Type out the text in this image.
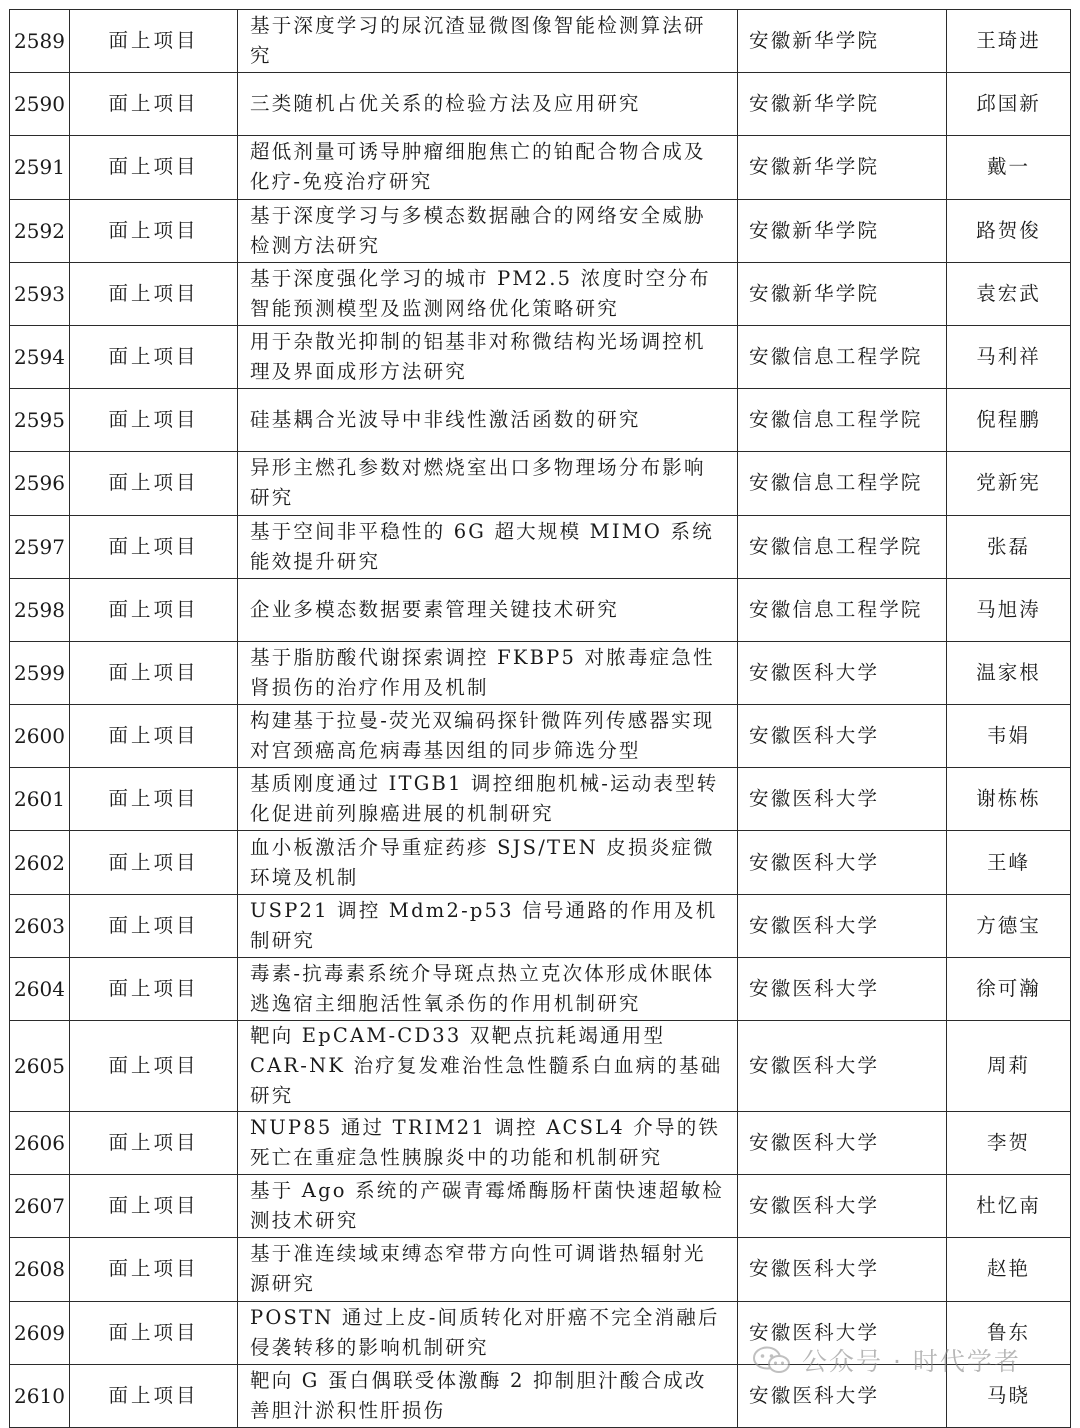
2589	面上项目	基于深度学习的尿沉渣显微图像智能检测算法研究	安徽新华学院	王琦进
2590	面上项目	三类随机占优关系的检验方法及应用研究	安徽新华学院	邱国新
2591	面上项目	超低剂量可诱导肿瘤细胞焦亡的铂配合物合成及化疗-免疫治疗研究	安徽新华学院	戴一
2592	面上项目	基于深度学习与多模态数据融合的网络安全威胁检测方法研究	安徽新华学院	路贺俊
2593	面上项目	基于深度强化学习的城市 PM2.5 浓度时空分布智能预测模型及监测网络优化策略研究	安徽新华学院	袁宏武
2594	面上项目	用于杂散光抑制的铝基非对称微结构光场调控机理及界面成形方法研究	安徽信息工程学院	马利祥
2595	面上项目	硅基耦合光波导中非线性激活函数的研究	安徽信息工程学院	倪程鹏
2596	面上项目	异形主燃孔参数对燃烧室出口多物理场分布影响研究	安徽信息工程学院	党新宪
2597	面上项目	基于空间非平稳性的 6G 超大规模 MIMO 系统能效提升研究	安徽信息工程学院	张磊
2598	面上项目	企业多模态数据要素管理关键技术研究	安徽信息工程学院	马旭涛
2599	面上项目	基于脂肪酸代谢探索调控 FKBP5 对脓毒症急性肾损伤的治疗作用及机制	安徽医科大学	温家根
2600	面上项目	构建基于拉曼-荧光双编码探针微阵列传感器实现对宫颈癌高危病毒基因组的同步筛选分型	安徽医科大学	韦娟
2601	面上项目	基质刚度通过 ITGB1 调控细胞机械-运动表型转化促进前列腺癌进展的机制研究	安徽医科大学	谢栋栋
2602	面上项目	血小板激活介导重症药疹 SJS/TEN 皮损炎症微环境及机制	安徽医科大学	王峰
2603	面上项目	USP21 调控 Mdm2-p53 信号通路的作用及机制研究	安徽医科大学	方德宝
2604	面上项目	毒素-抗毒素系统介导斑点热立克次体形成休眠体逃逸宿主细胞活性氧杀伤的作用机制研究	安徽医科大学	徐可瀚
2605	面上项目	靶向 EpCAM-CD33 双靶点抗耗竭通用型 CAR-NK 治疗复发难治性急性髓系白血病的基础研究	安徽医科大学	周莉
2606	面上项目	NUP85 通过 TRIM21 调控 ACSL4 介导的铁死亡在重症急性胰腺炎中的功能和机制研究	安徽医科大学	李贺
2607	面上项目	基于 Ago 系统的产碳青霉烯酶肠杆菌快速超敏检测技术研究	安徽医科大学	杜忆南
2608	面上项目	基于准连续域束缚态窄带方向性可调谐热辐射光源研究	安徽医科大学	赵艳
2609	面上项目	POSTN 通过上皮-间质转化对肝癌不完全消融后侵袭转移的影响机制研究	安徽医科大学	鲁东
2610	面上项目	靶向 G 蛋白偶联受体激酶 2 抑制胆汁酸合成改善胆汁淤积性肝损伤	安徽医科大学	马晓
公众号 · 时代学者
